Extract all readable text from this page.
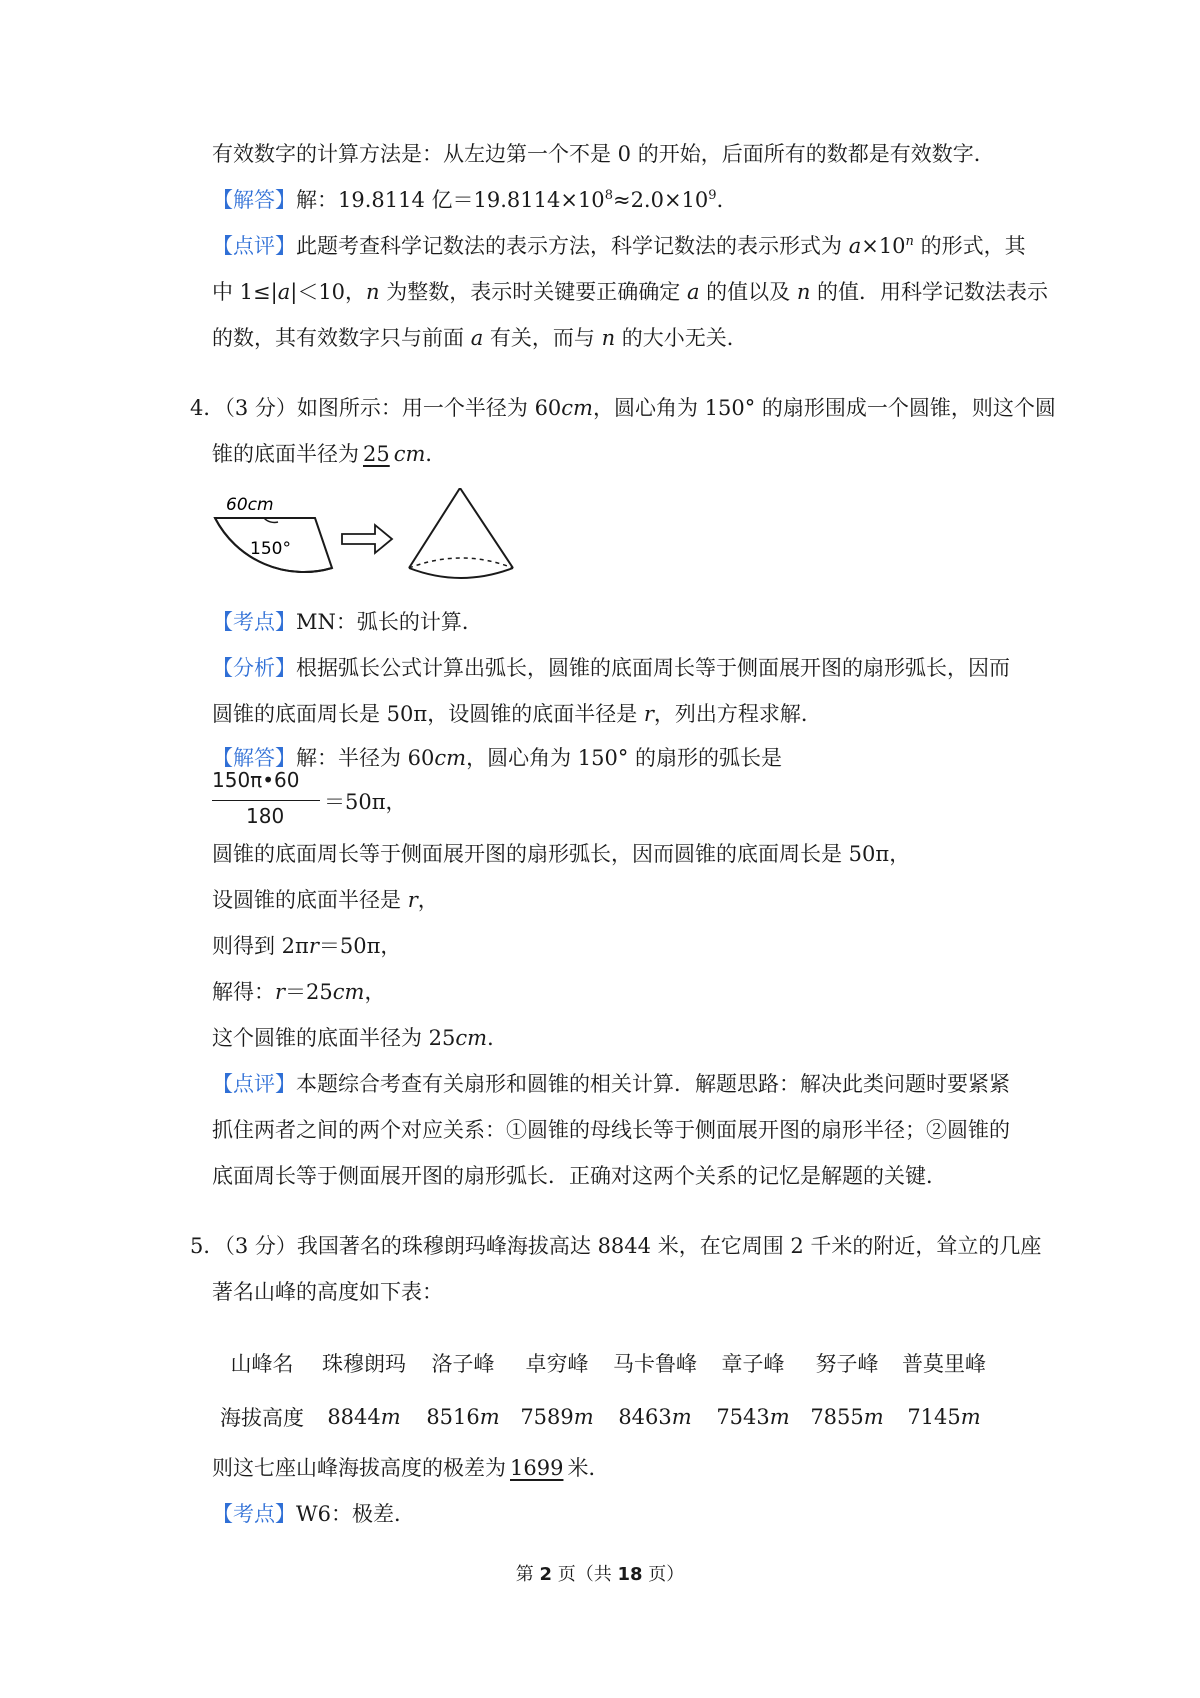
有效数字的计算方法是：从左边第一个不是 0 的开始，后面所有的数都是有效数字．
【解答】解：19.8114 亿$=19.8114\times 10^8\approx 2.0\times 10^9$．
【点评】此题考查科学记数法的表示方法，科学记数法的表示形式为 $a\times 10^n$ 的形式，其
中 1≤|a|＜10，n 为整数，表示时关键要正确确定 a 的值以及 n 的值．用科学记数法表示
的数，其有效数字只与前面 a 有关，而与 n 的大小无关．
4．（3 分）如图所示：用一个半径为 60cm，圆心角为 150° 的扇形围成一个圆锥，则这个圆
锥的底面半径为 25 cm．
60cm
150°
【考点】MN：弧长的计算．
【分析】根据弧长公式计算出弧长，圆锥的底面周长等于侧面展开图的扇形弧长，因而
圆锥的底面周长是 50π，设圆锥的底面半径是 r，列出方程求解．
【解答】解：半径为 60cm，圆心角为 150° 的扇形的弧长是
150π•60
180
＝50π，
圆锥的底面周长等于侧面展开图的扇形弧长，因而圆锥的底面周长是 50π，
设圆锥的底面半径是 r，
则得到 2πr＝50π，
解得：r＝25cm，
这个圆锥的底面半径为 25cm．
【点评】本题综合考查有关扇形和圆锥的相关计算．解题思路：解决此类问题时要紧紧
抓住两者之间的两个对应关系：①圆锥的母线长等于侧面展开图的扇形半径；②圆锥的
底面周长等于侧面展开图的扇形弧长．正确对这两个关系的记忆是解题的关键．
5．（3 分）我国著名的珠穆朗玛峰海拔高达 8844 米，在它周围 2 千米的附近，耸立的几座
著名山峰的高度如下表：
山峰名	珠穆朗玛	洛子峰	卓穷峰	马卡鲁峰	章子峰	努子峰	普莫里峰
海拔高度	8844m	8516m	7589m	8463m	7543m	7855m	7145m
则这七座山峰海拔高度的极差为 1699 米．
【考点】W6：极差．
第 2 页（共 18 页）
